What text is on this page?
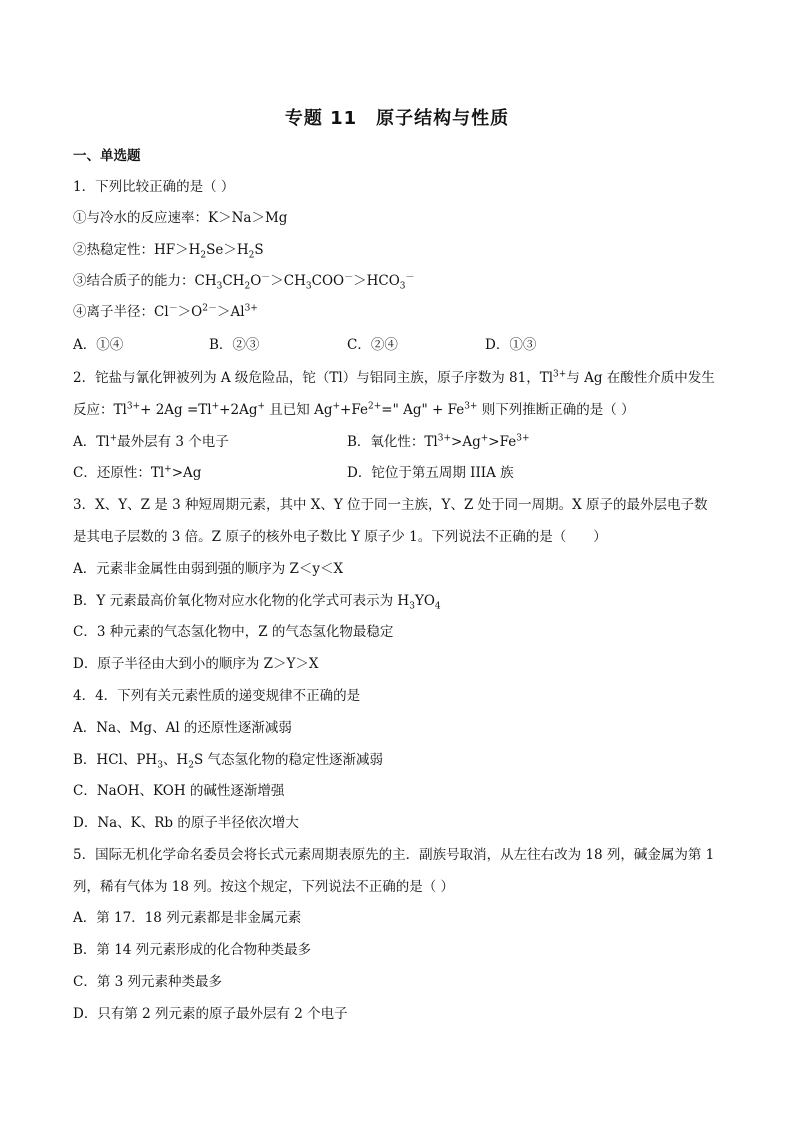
专题 11　原子结构与性质
一、单选题
1．下列比较正确的是（ ）
①与冷水的反应速率：K＞Na＞Mg
②热稳定性：$HF>H_2Se>H_2S$
③结合质子的能力：$CH_3CH_2O^->CH_3COO^->HCO_3^-$
④离子半径：$Cl^->O^{2-}>Al^{3+}$
A．①④	B．②③	C．②④	D．①③
2．铊盐与氰化钾被列为 A 级危险品，铊（Tl）与铝同主族，原子序数为 81，$Tl^{3+}$与 Ag 在酸性介质中发生
反应：$Tl^{3+}+ 2Ag =Tl^++2Ag^+$ 且已知 $Ag^++Fe^{2+}=$" Ag" + $Fe^{3+}$ 则下列推断正确的是（ ）
A．Tl+最外层有 3 个电子	B．氧化性：$Tl^{3+}>Ag^+>Fe^{3+}$
C．还原性：Tl+>Ag	D．铊位于第五周期 IIIA 族
3．X、Y、Z 是 3 种短周期元素，其中 X、Y 位于同一主族，Y、Z 处于同一周期。X 原子的最外层电子数
是其电子层数的 3 倍。Z 原子的核外电子数比 Y 原子少 1。下列说法不正确的是（　　）
A．元素非金属性由弱到强的顺序为 Z＜y＜X
B．Y 元素最高价氧化物对应水化物的化学式可表示为 $H_3YO_4$
C．3 种元素的气态氢化物中，Z 的气态氢化物最稳定
D．原子半径由大到小的顺序为 Z＞Y＞X
4．4．下列有关元素性质的递变规律不正确的是
A．Na、Mg、Al 的还原性逐渐减弱
B．HCl、$PH_3$、$H_2S$ 气态氢化物的稳定性逐渐减弱
C．NaOH、KOH 的碱性逐渐增强
D．Na、K、Rb 的原子半径依次增大
5．国际无机化学命名委员会将长式元素周期表原先的主．副族号取消，从左往右改为 18 列，碱金属为第 1
列，稀有气体为 18 列。按这个规定，下列说法不正确的是（ ）
A．第 17．18 列元素都是非金属元素
B．第 14 列元素形成的化合物种类最多
C．第 3 列元素种类最多
D．只有第 2 列元素的原子最外层有 2 个电子
